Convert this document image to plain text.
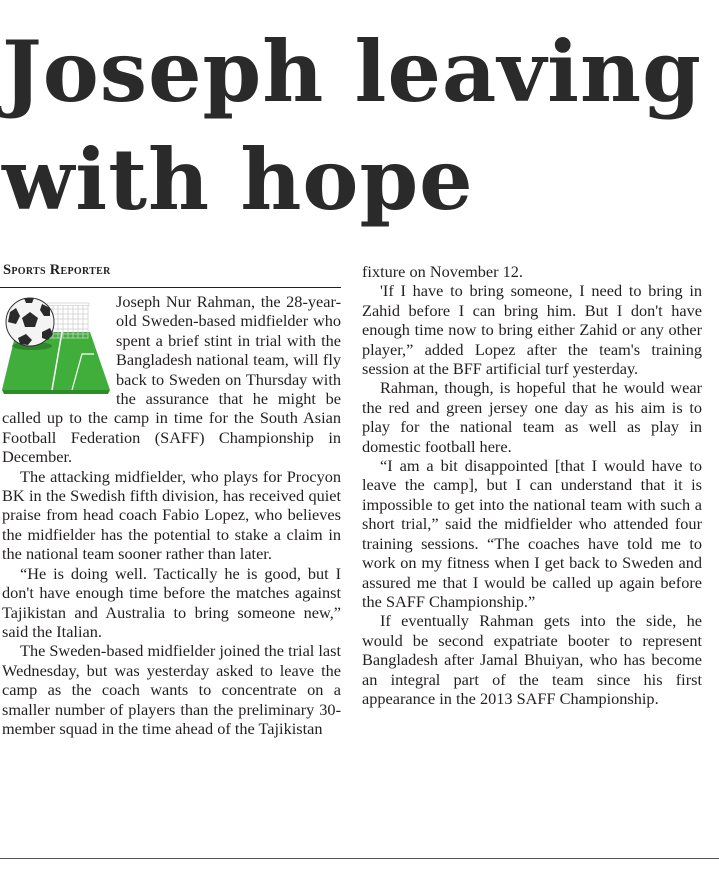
Joseph leaving
with hope
Sports Reporter

Joseph Nur Rahman, the 28-year-old Sweden-based midfielder who spent a brief stint in trial with the Bangladesh national team, will fly back to Sweden on Thursday with the assurance that he might be called up to the camp in time for the South Asian Football Federation (SAFF) Championship in December.

The attacking midfielder, who plays for Procyon BK in the Swedish fifth division, has received quiet praise from head coach Fabio Lopez, who believes the midfielder has the potential to stake a claim in the national team sooner rather than later.

“He is doing well. Tactically he is good, but I don't have enough time before the matches against Tajikistan and Australia to bring someone new,” said the Italian.

The Sweden-based midfielder joined the trial last Wednesday, but was yesterday asked to leave the camp as the coach wants to concentrate on a smaller number of players than the preliminary 30-member squad in the time ahead of the Tajikistan

fixture on November 12.

'If I have to bring someone, I need to bring in Zahid before I can bring him. But I don't have enough time now to bring either Zahid or any other player,” added Lopez after the team's training session at the BFF artificial turf yesterday.

Rahman, though, is hopeful that he would wear the red and green jersey one day as his aim is to play for the national team as well as play in domestic football here.

“I am a bit disappointed [that I would have to leave the camp], but I can understand that it is impossible to get into the national team with such a short trial,” said the midfielder who attended four training sessions. “The coaches have told me to work on my fitness when I get back to Sweden and assured me that I would be called up again before the SAFF Championship.”

If eventually Rahman gets into the side, he would be second expatriate booter to represent Bangladesh after Jamal Bhuiyan, who has become an integral part of the team since his first appearance in the 2013 SAFF Championship.
